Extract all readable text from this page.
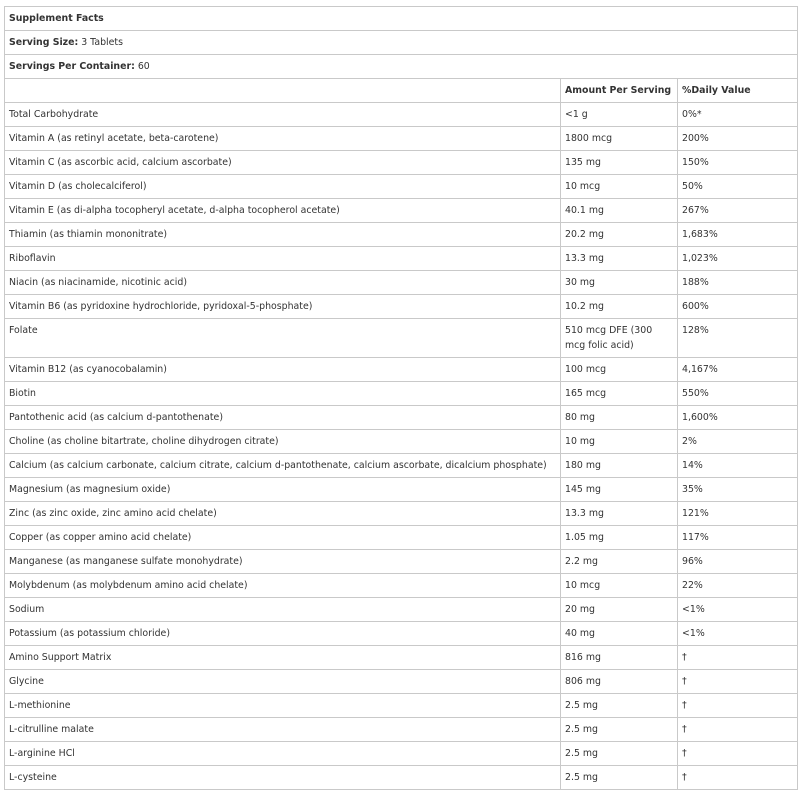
Supplement Facts		
Serving Size: 3 Tablets		
Servings Per Container: 60		
	Amount Per Serving	%Daily Value
Total Carbohydrate	<1 g	0%*
Vitamin A (as retinyl acetate, beta-carotene)	1800 mcg	200%
Vitamin C (as ascorbic acid, calcium ascorbate)	135 mg	150%
Vitamin D (as cholecalciferol)	10 mcg	50%
Vitamin E (as di-alpha tocopheryl acetate, d-alpha tocopherol acetate)	40.1 mg	267%
Thiamin (as thiamin mononitrate)	20.2 mg	1,683%
Riboflavin	13.3 mg	1,023%
Niacin (as niacinamide, nicotinic acid)	30 mg	188%
Vitamin B6 (as pyridoxine hydrochloride, pyridoxal-5-phosphate)	10.2 mg	600%
Folate	510 mcg DFE (300 mcg folic acid)	128%
Vitamin B12 (as cyanocobalamin)	100 mcg	4,167%
Biotin	165 mcg	550%
Pantothenic acid (as calcium d-pantothenate)	80 mg	1,600%
Choline (as choline bitartrate, choline dihydrogen citrate)	10 mg	2%
Calcium (as calcium carbonate, calcium citrate, calcium d-pantothenate, calcium ascorbate, dicalcium phosphate)	180 mg	14%
Magnesium (as magnesium oxide)	145 mg	35%
Zinc (as zinc oxide, zinc amino acid chelate)	13.3 mg	121%
Copper (as copper amino acid chelate)	1.05 mg	117%
Manganese (as manganese sulfate monohydrate)	2.2 mg	96%
Molybdenum (as molybdenum amino acid chelate)	10 mcg	22%
Sodium	20 mg	<1%
Potassium (as potassium chloride)	40 mg	<1%
Amino Support Matrix	816 mg	†
Glycine	806 mg	†
L-methionine	2.5 mg	†
L-citrulline malate	2.5 mg	†
L-arginine HCl	2.5 mg	†
L-cysteine	2.5 mg	†
